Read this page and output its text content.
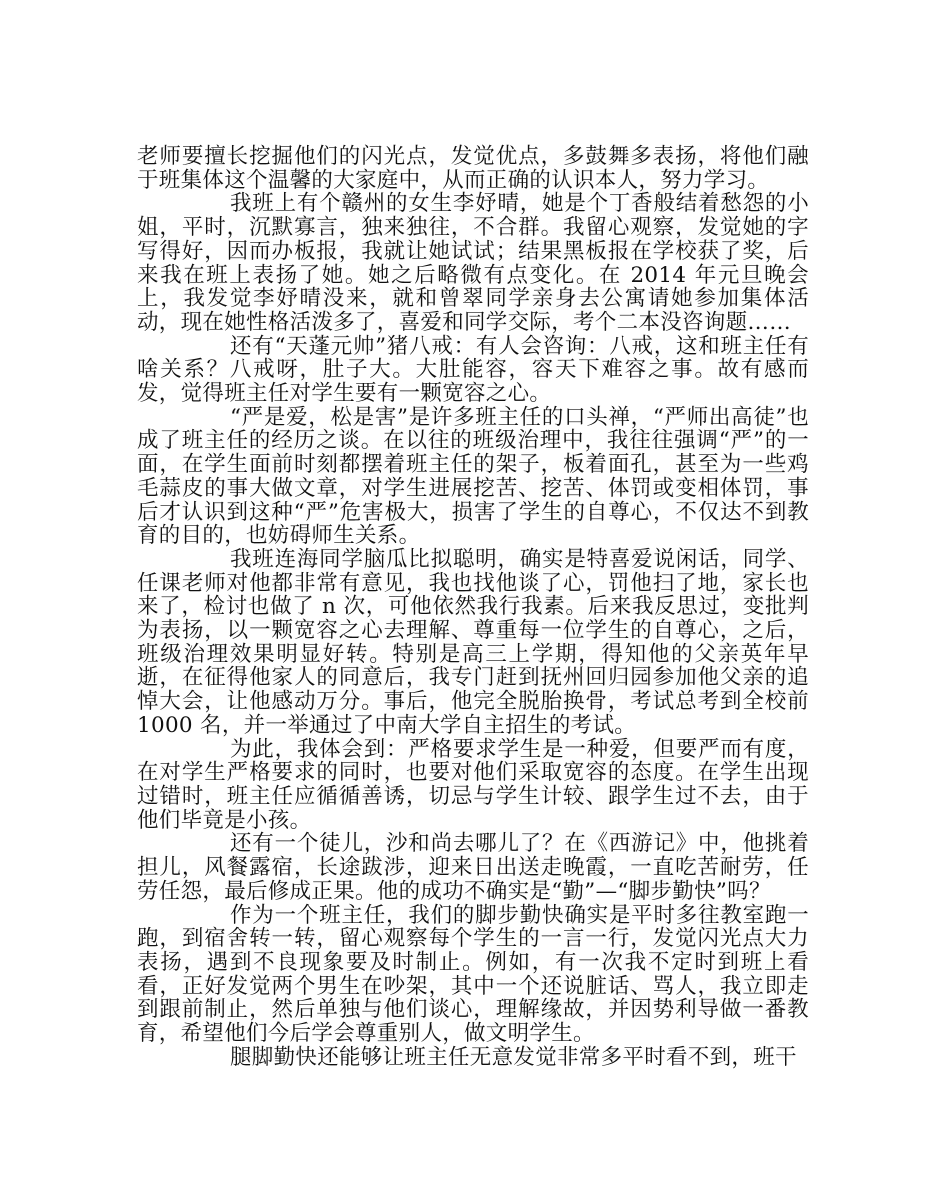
老师要擅长挖掘他们的闪光点，发觉优点，多鼓舞多表扬，将他们融于班集体这个温馨的大家庭中，从而正确的认识本人，努力学习。

我班上有个赣州的女生李妤晴，她是个丁香般结着愁怨的小姐，平时，沉默寡言，独来独往，不合群。我留心观察，发觉她的字写得好，因而办板报，我就让她试试；结果黑板报在学校获了奖，后来我在班上表扬了她。她之后略微有点变化。在 2014 年元旦晚会上，我发觉李妤晴没来，就和曾翠同学亲身去公寓请她参加集体活动，现在她性格活泼多了，喜爱和同学交际，考个二本没咨询题……

还有“天蓬元帅”猪八戒：有人会咨询：八戒，这和班主任有啥关系？八戒呀，肚子大。大肚能容，容天下难容之事。故有感而发，觉得班主任对学生要有一颗宽容之心。

“严是爱，松是害”是许多班主任的口头禅，“严师出高徒”也成了班主任的经历之谈。在以往的班级治理中，我往往强调“严”的一面，在学生面前时刻都摆着班主任的架子，板着面孔，甚至为一些鸡毛蒜皮的事大做文章，对学生进展挖苦、挖苦、体罚或变相体罚，事后才认识到这种“严”危害极大，损害了学生的自尊心，不仅达不到教育的目的，也妨碍师生关系。

我班连海同学脑瓜比拟聪明，确实是特喜爱说闲话，同学、任课老师对他都非常有意见，我也找他谈了心，罚他扫了地，家长也来了，检讨也做了 n 次，可他依然我行我素。后来我反思过，变批判为表扬，以一颗宽容之心去理解、尊重每一位学生的自尊心，之后，班级治理效果明显好转。特别是高三上学期，得知他的父亲英年早逝，在征得他家人的同意后，我专门赶到抚州回归园参加他父亲的追悼大会，让他感动万分。事后，他完全脱胎换骨，考试总考到全校前 1000 名，并一举通过了中南大学自主招生的考试。

为此，我体会到：严格要求学生是一种爱，但要严而有度，在对学生严格要求的同时，也要对他们采取宽容的态度。在学生出现过错时，班主任应循循善诱，切忌与学生计较、跟学生过不去，由于他们毕竟是小孩。

还有一个徒儿，沙和尚去哪儿了？在《西游记》中，他挑着担儿，风餐露宿，长途跋涉，迎来日出送走晚霞，一直吃苦耐劳，任劳任怨，最后修成正果。他的成功不确实是“勤”—“脚步勤快”吗？

作为一个班主任，我们的脚步勤快确实是平时多往教室跑一跑，到宿舍转一转，留心观察每个学生的一言一行，发觉闪光点大力表扬，遇到不良现象要及时制止。例如，有一次我不定时到班上看看，正好发觉两个男生在吵架，其中一个还说脏话、骂人，我立即走到跟前制止，然后单独与他们谈心，理解缘故，并因势利导做一番教育，希望他们今后学会尊重别人，做文明学生。

腿脚勤快还能够让班主任无意发觉非常多平时看不到，班干
